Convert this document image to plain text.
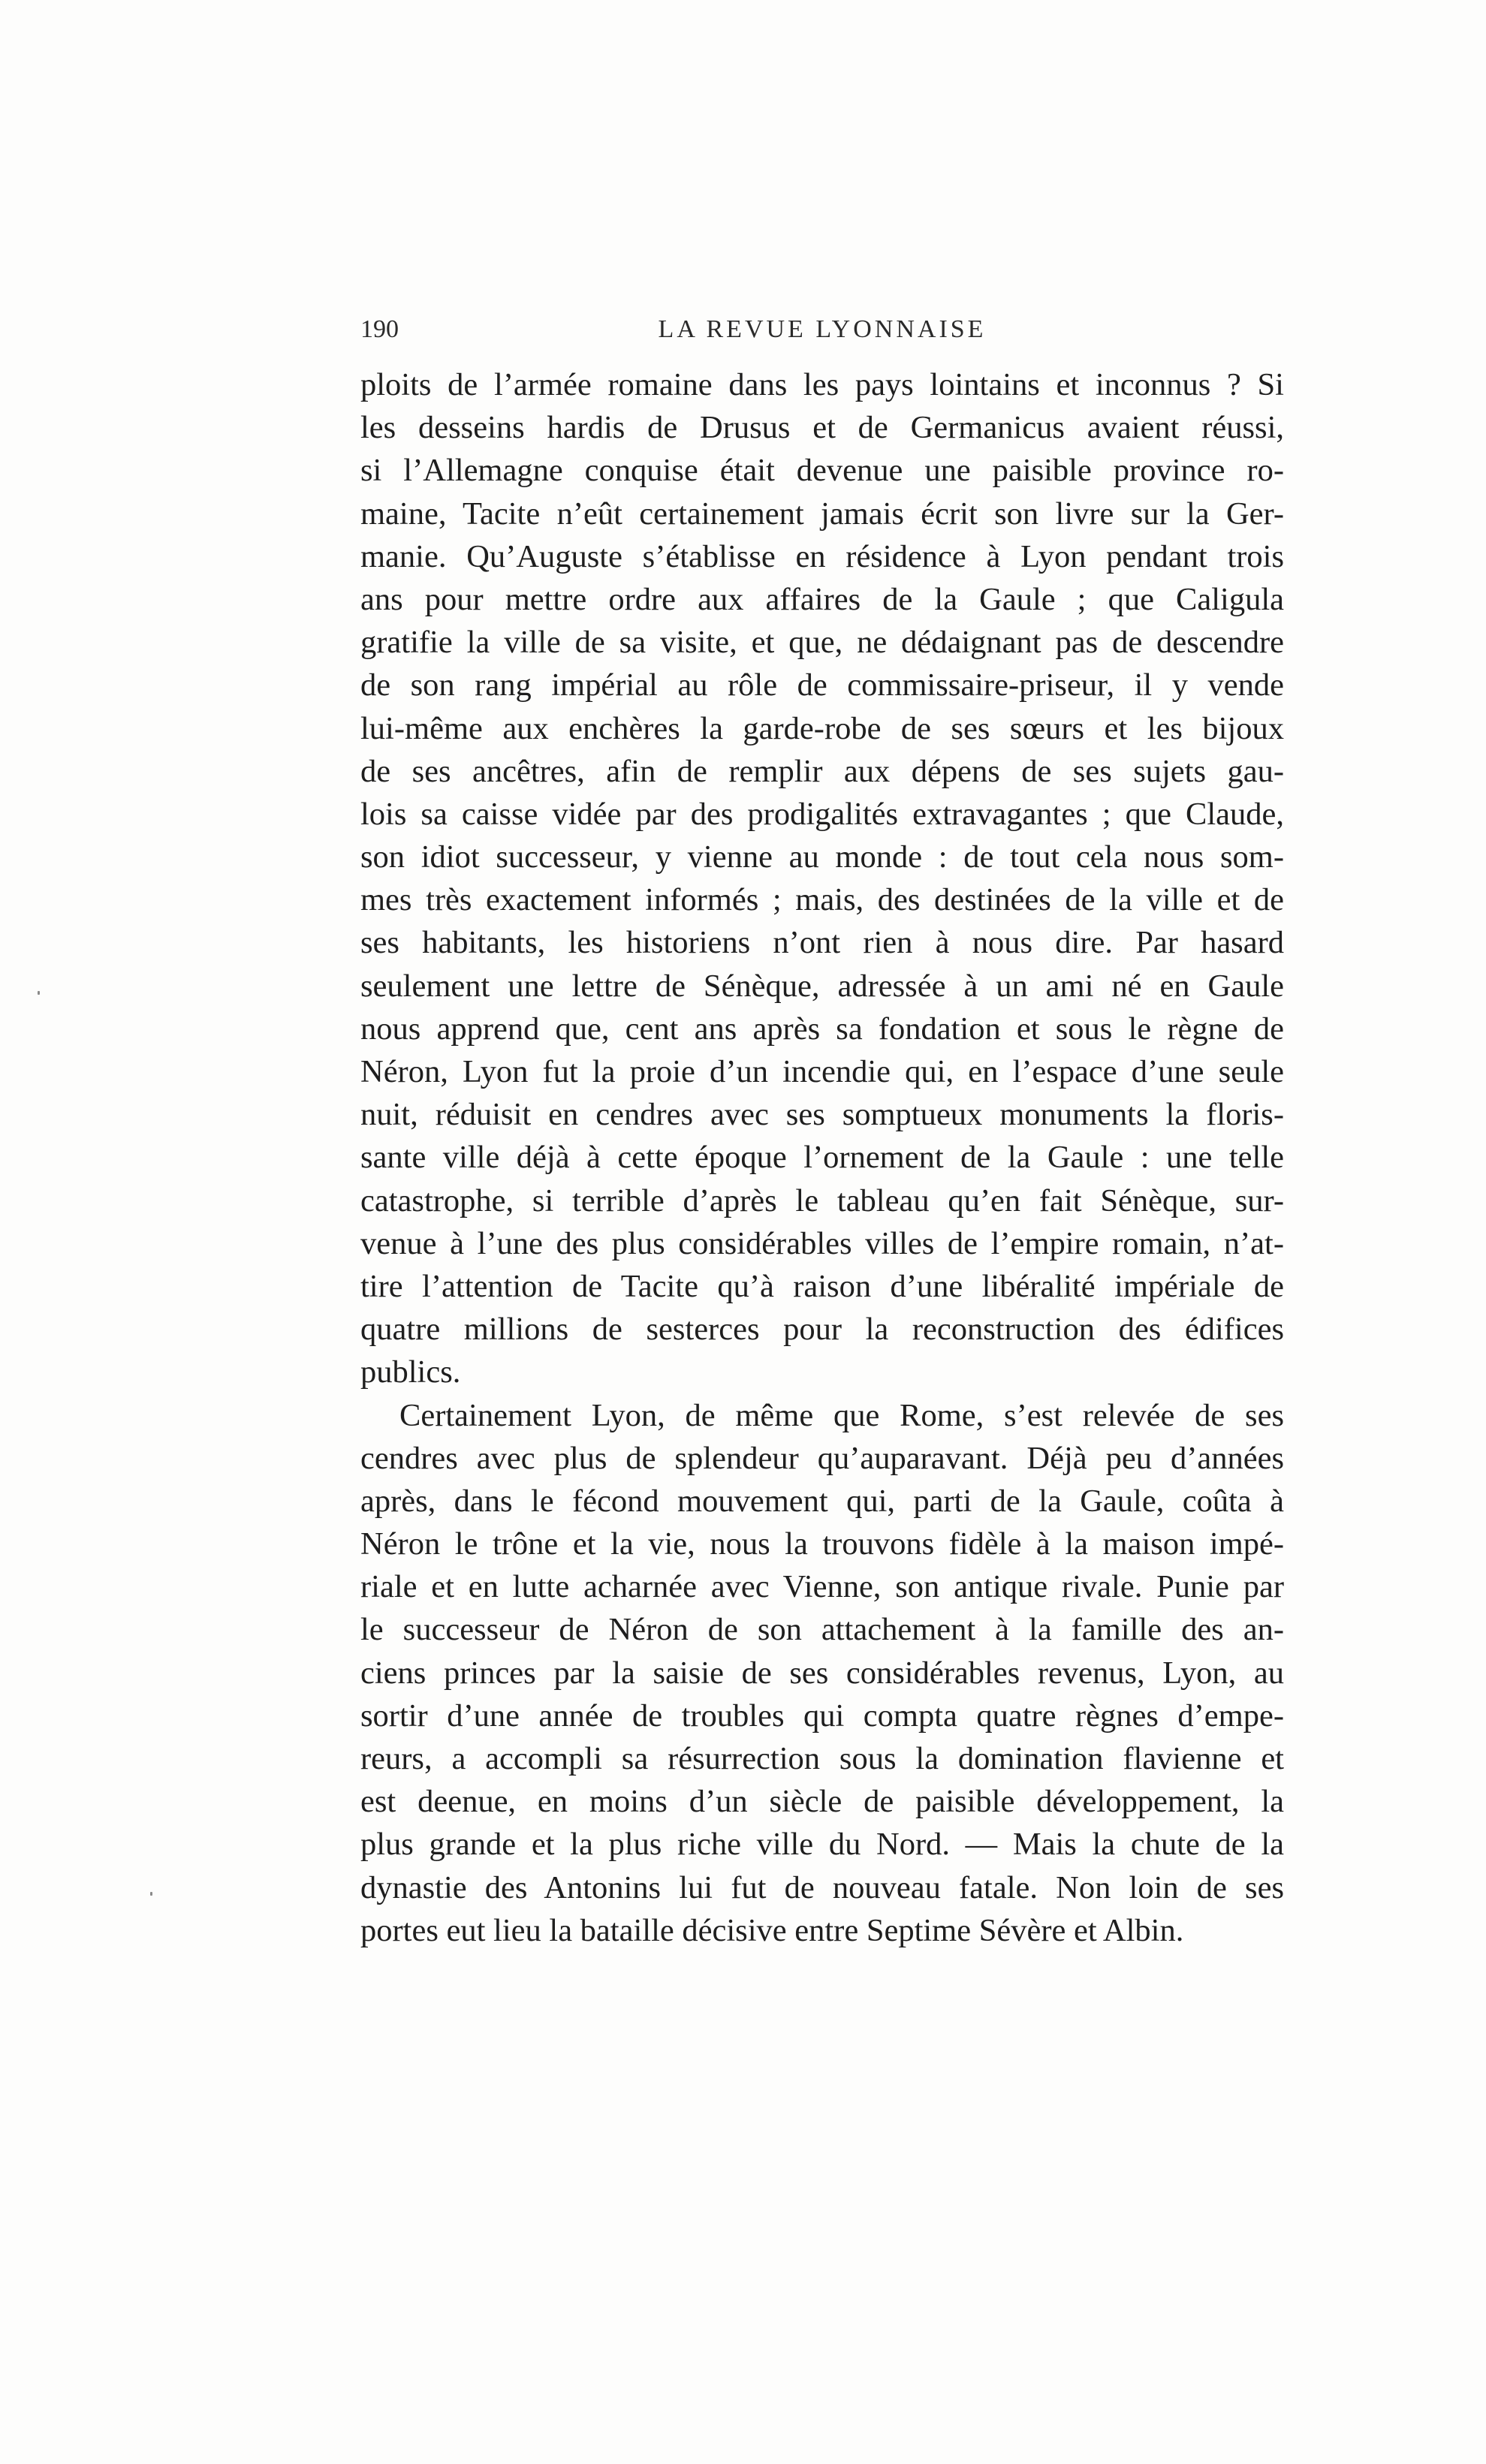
190	LA REVUE LYONNAISE
ploits de l’armée romaine dans les pays lointains et inconnus ? Si
les desseins hardis de Drusus et de Germanicus avaient réussi,
si l’Allemagne conquise était devenue une paisible province ro-
maine, Tacite n’eût certainement jamais écrit son livre sur la Ger-
manie. Qu’Auguste s’établisse en résidence à Lyon pendant trois
ans pour mettre ordre aux affaires de la Gaule ; que Caligula
gratifie la ville de sa visite, et que, ne dédaignant pas de descendre
de son rang impérial au rôle de commissaire-priseur, il y vende
lui-même aux enchères la garde-robe de ses sœurs et les bijoux
de ses ancêtres, afin de remplir aux dépens de ses sujets gau-
lois sa caisse vidée par des prodigalités extravagantes ; que Claude,
son idiot successeur, y vienne au monde : de tout cela nous som-
mes très exactement informés ; mais, des destinées de la ville et de
ses habitants, les historiens n’ont rien à nous dire. Par hasard
seulement une lettre de Sénèque, adressée à un ami né en Gaule
nous apprend que, cent ans après sa fondation et sous le règne de
Néron, Lyon fut la proie d’un incendie qui, en l’espace d’une seule
nuit, réduisit en cendres avec ses somptueux monuments la floris-
sante ville déjà à cette époque l’ornement de la Gaule : une telle
catastrophe, si terrible d’après le tableau qu’en fait Sénèque, sur-
venue à l’une des plus considérables villes de l’empire romain, n’at-
tire l’attention de Tacite qu’à raison d’une libéralité impériale de
quatre millions de sesterces pour la reconstruction des édifices
publics.
Certainement Lyon, de même que Rome, s’est relevée de ses
cendres avec plus de splendeur qu’auparavant. Déjà peu d’années
après, dans le fécond mouvement qui, parti de la Gaule, coûta à
Néron le trône et la vie, nous la trouvons fidèle à la maison impé-
riale et en lutte acharnée avec Vienne, son antique rivale. Punie par
le successeur de Néron de son attachement à la famille des an-
ciens princes par la saisie de ses considérables revenus, Lyon, au
sortir d’une année de troubles qui compta quatre règnes d’empe-
reurs, a accompli sa résurrection sous la domination flavienne et
est deenue, en moins d’un siècle de paisible développement, la
plus grande et la plus riche ville du Nord. — Mais la chute de la
dynastie des Antonins lui fut de nouveau fatale. Non loin de ses
portes eut lieu la bataille décisive entre Septime Sévère et Albin.
